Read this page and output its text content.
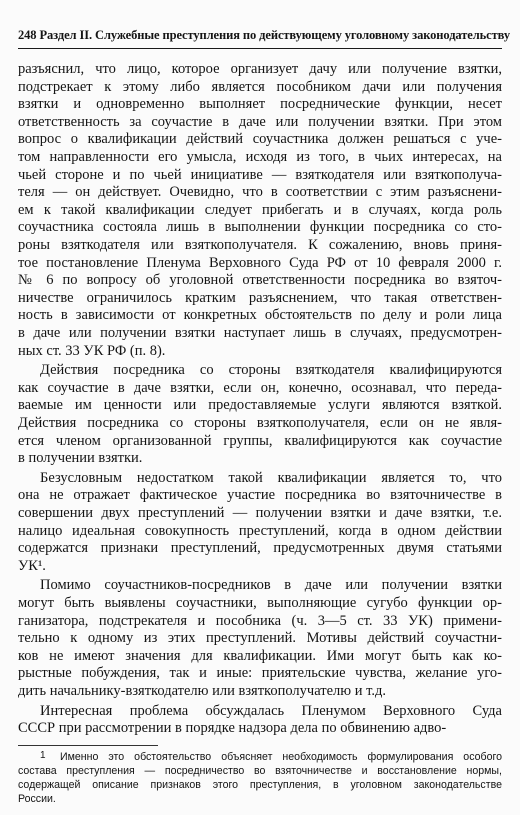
248 Раздел II. Служебные преступления по действующему уголовному законодательству
разъяснил, что лицо, которое организует дачу или получение взятки,
подстрекает к этому либо является пособником дачи или получения
взятки и одновременно выполняет посреднические функции, несет
ответственность за соучастие в даче или получении взятки. При этом
вопрос о квалификации действий соучастника должен решаться с уче-
том направленности его умысла, исходя из того, в чьих интересах, на
чьей стороне и по чьей инициативе — взяткодателя или взяткополуча-
теля — он действует. Очевидно, что в соответствии с этим разъяснени-
ем к такой квалификации следует прибегать и в случаях, когда роль
соучастника состояла лишь в выполнении функции посредника со сто-
роны взяткодателя или взяткополучателя. К сожалению, вновь приня-
тое постановление Пленума Верховного Суда РФ от 10 февраля 2000 г.
№ 6 по вопросу об уголовной ответственности посредника во взяточ-
ничестве ограничилось кратким разъяснением, что такая ответствен-
ность в зависимости от конкретных обстоятельств по делу и роли лица
в даче или получении взятки наступает лишь в случаях, предусмотрен-
ных ст. 33 УК РФ (п. 8).
Действия посредника со стороны взяткодателя квалифицируются
как соучастие в даче взятки, если он, конечно, осознавал, что переда-
ваемые им ценности или предоставляемые услуги являются взяткой.
Действия посредника со стороны взяткополучателя, если он не явля-
ется членом организованной группы, квалифицируются как соучастие
в получении взятки.
Безусловным недостатком такой квалификации является то, что
она не отражает фактическое участие посредника во взяточничестве в
совершении двух преступлений — получении взятки и даче взятки, т.е.
налицо идеальная совокупность преступлений, когда в одном действии
содержатся признаки преступлений, предусмотренных двумя статьями
УК¹.
Помимо соучастников-посредников в даче или получении взятки
могут быть выявлены соучастники, выполняющие сугубо функции ор-
ганизатора, подстрекателя и пособника (ч. 3—5 ст. 33 УК) примени-
тельно к одному из этих преступлений. Мотивы действий соучастни-
ков не имеют значения для квалификации. Ими могут быть как ко-
рыстные побуждения, так и иные: приятельские чувства, желание уго-
дить начальнику-взяткодателю или взяткополучателю и т.д.
Интересная проблема обсуждалась Пленумом Верховного Суда
СССР при рассмотрении в порядке надзора дела по обвинению адво-
1 Именно это обстоятельство объясняет необходимость формулирования особого
состава преступления — посредничество во взяточничестве и восстановление нормы,
содержащей описание признаков этого преступления, в уголовном законодательстве
России.
